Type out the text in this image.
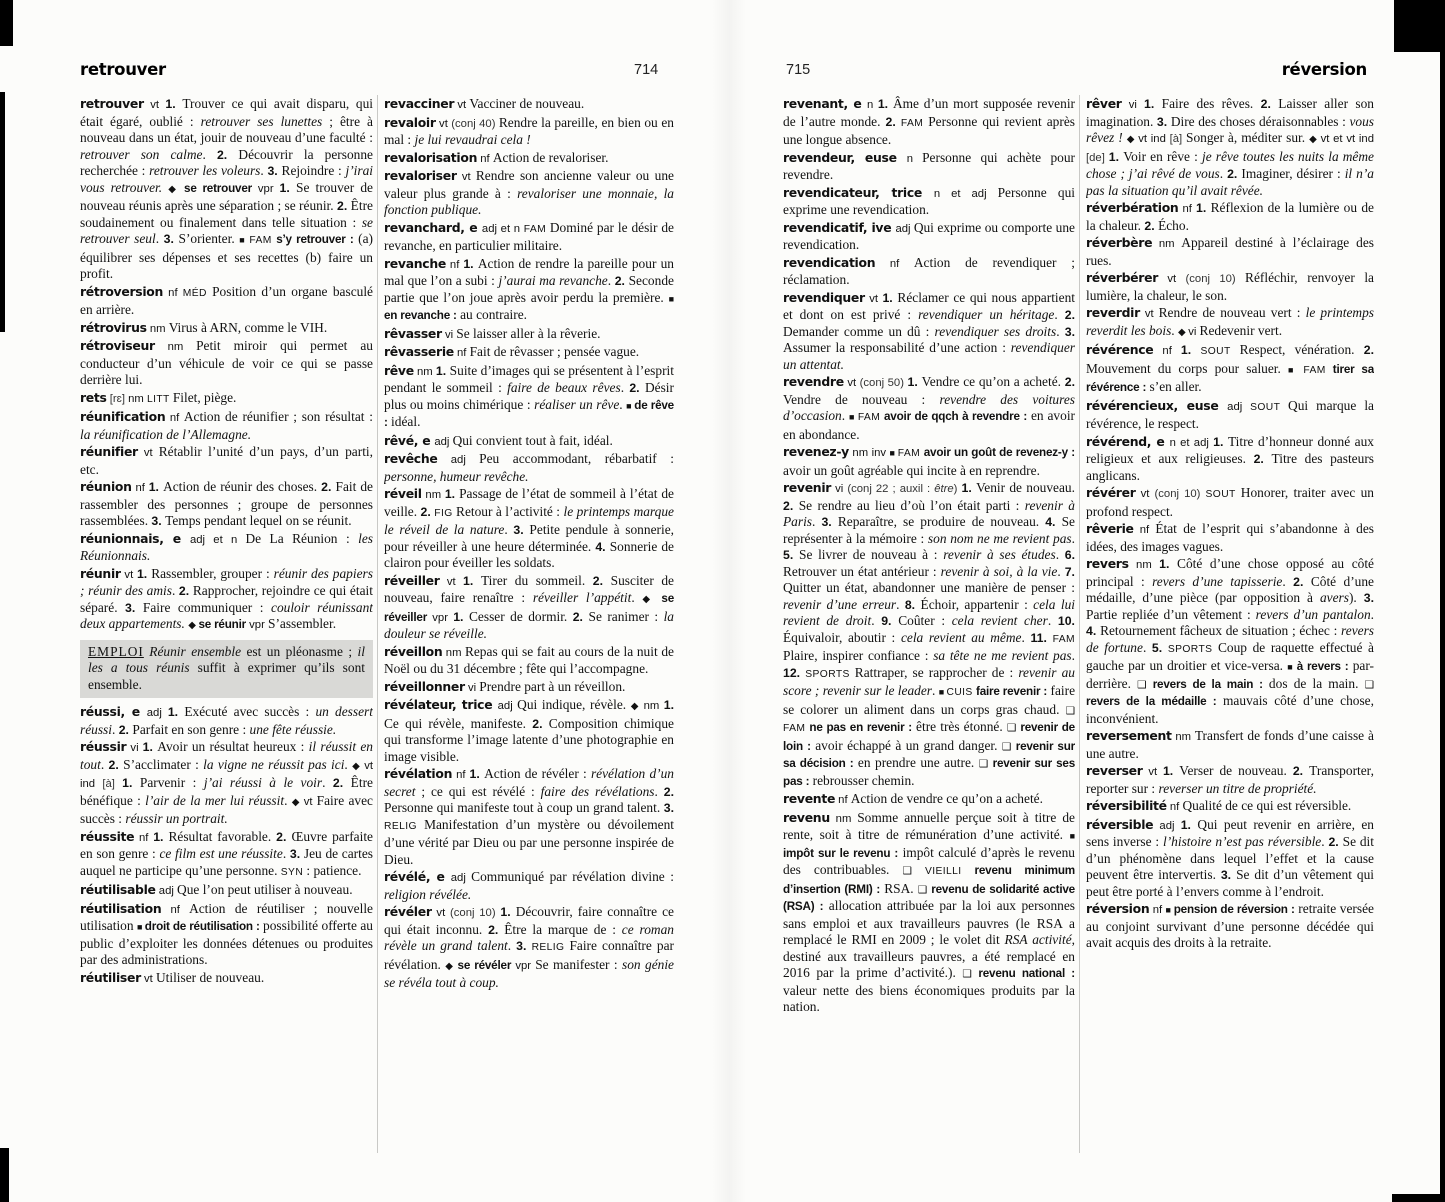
retrouver	714	715	réversion
retrouver vt 1. Trouver ce qui avait disparu, qui était égaré, oublié : retrouver ses lunettes ; être à nouveau dans un état, jouir de nouveau d’une faculté : retrouver son calme. 2. Découvrir la personne recherchée : retrouver les voleurs. 3. Rejoindre : j’irai vous retrouver. ◆ se retrouver vpr 1. Se trouver de nouveau réunis après une séparation ; se réunir. 2. Être soudainement ou finalement dans telle situation : se retrouver seul. 3. S’orienter. ■ FAM s’y retrouver : (a) équilibrer ses dépenses et ses recettes (b) faire un profit.
rétroversion nf MÉD Position d’un organe basculé en arrière.
rétrovirus nm Virus à ARN, comme le VIH.
rétroviseur nm Petit miroir qui permet au conducteur d’un véhicule de voir ce qui se passe derrière lui.
rets [rɛ] nm LITT Filet, piège.
réunification nf Action de réunifier ; son résultat : la réunification de l’Allemagne.
réunifier vt Rétablir l’unité d’un pays, d’un parti, etc.
réunion nf 1. Action de réunir des choses. 2. Fait de rassembler des personnes ; groupe de personnes rassemblées. 3. Temps pendant lequel on se réunit.
réunionnais, e adj et n De La Réunion : les Réunionnais.
réunir vt 1. Rassembler, grouper : réunir des papiers ; réunir des amis. 2. Rapprocher, rejoindre ce qui était séparé. 3. Faire communiquer : couloir réunissant deux appartements. ◆ se réunir vpr S’assembler.
EMPLOI Réunir ensemble est un pléonasme ; il les a tous réunis suffit à exprimer qu’ils sont ensemble.
réussi, e adj 1. Exécuté avec succès : un dessert réussi. 2. Parfait en son genre : une fête réussie.
réussir vi 1. Avoir un résultat heureux : il réussit en tout. 2. S’acclimater : la vigne ne réussit pas ici. ◆ vt ind [à] 1. Parvenir : j’ai réussi à le voir. 2. Être bénéfique : l’air de la mer lui réussit. ◆ vt Faire avec succès : réussir un portrait.
réussite nf 1. Résultat favorable. 2. Œuvre parfaite en son genre : ce film est une réussite. 3. Jeu de cartes auquel ne participe qu’une personne. SYN : patience.
réutilisable adj Que l’on peut utiliser à nouveau.
réutilisation nf Action de réutiliser ; nouvelle utilisation ■ droit de réutilisation : possibilité offerte au public d’exploiter les données détenues ou produites par des administrations.
réutiliser vt Utiliser de nouveau.
revacciner vt Vacciner de nouveau.
revaloir vt (conj 40) Rendre la pareille, en bien ou en mal : je lui revaudrai cela !
revalorisation nf Action de revaloriser.
revaloriser vt Rendre son ancienne valeur ou une valeur plus grande à : revaloriser une monnaie, la fonction publique.
revanchard, e adj et n FAM Dominé par le désir de revanche, en particulier militaire.
revanche nf 1. Action de rendre la pareille pour un mal que l’on a subi : j’aurai ma revanche. 2. Seconde partie que l’on joue après avoir perdu la première. ■ en revanche : au contraire.
rêvasser vi Se laisser aller à la rêverie.
rêvasserie nf Fait de rêvasser ; pensée vague.
rêve nm 1. Suite d’images qui se présentent à l’esprit pendant le sommeil : faire de beaux rêves. 2. Désir plus ou moins chimérique : réaliser un rêve. ■ de rêve : idéal.
rêvé, e adj Qui convient tout à fait, idéal.
revêche adj Peu accommodant, rébarbatif : personne, humeur revêche.
réveil nm 1. Passage de l’état de sommeil à l’état de veille. 2. FIG Retour à l’activité : le printemps marque le réveil de la nature. 3. Petite pendule à sonnerie, pour réveiller à une heure déterminée. 4. Sonnerie de clairon pour éveiller les soldats.
réveiller vt 1. Tirer du sommeil. 2. Susciter de nouveau, faire renaître : réveiller l’appétit. ◆ se réveiller vpr 1. Cesser de dormir. 2. Se ranimer : la douleur se réveille.
réveillon nm Repas qui se fait au cours de la nuit de Noël ou du 31 décembre ; fête qui l’accompagne.
réveillonner vi Prendre part à un réveillon.
révélateur, trice adj Qui indique, révèle. ◆ nm 1. Ce qui révèle, manifeste. 2. Composition chimique qui transforme l’image latente d’une photographie en image visible.
révélation nf 1. Action de révéler : révélation d’un secret ; ce qui est révélé : faire des révélations. 2. Personne qui manifeste tout à coup un grand talent. 3. RELIG Manifestation d’un mystère ou dévoilement d’une vérité par Dieu ou par une personne inspirée de Dieu.
révélé, e adj Communiqué par révélation divine : religion révélée.
révéler vt (conj 10) 1. Découvrir, faire connaître ce qui était inconnu. 2. Être la marque de : ce roman révèle un grand talent. 3. RELIG Faire connaître par révélation. ◆ se révéler vpr Se manifester : son génie se révéla tout à coup.
revenant, e n 1. Âme d’un mort supposée revenir de l’autre monde. 2. FAM Personne qui revient après une longue absence.
revendeur, euse n Personne qui achète pour revendre.
revendicateur, trice n et adj Personne qui exprime une revendication.
revendicatif, ive adj Qui exprime ou comporte une revendication.
revendication nf Action de revendiquer ; réclamation.
revendiquer vt 1. Réclamer ce qui nous appartient et dont on est privé : revendiquer un héritage. 2. Demander comme un dû : revendiquer ses droits. 3. Assumer la responsabilité d’une action : revendiquer un attentat.
revendre vt (conj 50) 1. Vendre ce qu’on a acheté. 2. Vendre de nouveau : revendre des voitures d’occasion. ■ FAM avoir de qqch à revendre : en avoir en abondance.
revenez-y nm inv ■ FAM avoir un goût de revenez-y : avoir un goût agréable qui incite à en reprendre.
revenir vi (conj 22 ; auxil : être) 1. Venir de nouveau. 2. Se rendre au lieu d’où l’on était parti : revenir à Paris. 3. Reparaître, se produire de nouveau. 4. Se représenter à la mémoire : son nom ne me revient pas. 5. Se livrer de nouveau à : revenir à ses études. 6. Retrouver un état antérieur : revenir à soi, à la vie. 7. Quitter un état, abandonner une manière de penser : revenir d’une erreur. 8. Échoir, appartenir : cela lui revient de droit. 9. Coûter : cela revient cher. 10. Équivaloir, aboutir : cela revient au même. 11. FAM Plaire, inspirer confiance : sa tête ne me revient pas. 12. SPORTS Rattraper, se rapprocher de : revenir au score ; revenir sur le leader. ■ CUIS faire revenir : faire se colorer un aliment dans un corps gras chaud. ❑ FAM ne pas en revenir : être très étonné. ❑ revenir de loin : avoir échappé à un grand danger. ❑ revenir sur sa décision : en prendre une autre. ❑ revenir sur ses pas : rebrousser chemin.
revente nf Action de vendre ce qu’on a acheté.
revenu nm Somme annuelle perçue soit à titre de rente, soit à titre de rémunération d’une activité. ■ impôt sur le revenu : impôt calculé d’après le revenu des contribuables. ❑ VIEILLI revenu minimum d’insertion (RMI) : RSA. ❑ revenu de solidarité active (RSA) : allocation attribuée par la loi aux personnes sans emploi et aux travailleurs pauvres (le RSA a remplacé le RMI en 2009 ; le volet dit RSA activité, destiné aux travailleurs pauvres, a été remplacé en 2016 par la prime d’activité.). ❑ revenu national : valeur nette des biens économiques produits par la nation.
rêver vi 1. Faire des rêves. 2. Laisser aller son imagination. 3. Dire des choses déraisonnables : vous rêvez ! ◆ vt ind [à] Songer à, méditer sur. ◆ vt et vt ind [de] 1. Voir en rêve : je rêve toutes les nuits la même chose ; j’ai rêvé de vous. 2. Imaginer, désirer : il n’a pas la situation qu’il avait rêvée.
réverbération nf 1. Réflexion de la lumière ou de la chaleur. 2. Écho.
réverbère nm Appareil destiné à l’éclairage des rues.
réverbérer vt (conj 10) Réfléchir, renvoyer la lumière, la chaleur, le son.
reverdir vt Rendre de nouveau vert : le printemps reverdit les bois. ◆ vi Redevenir vert.
révérence nf 1. SOUT Respect, vénération. 2. Mouvement du corps pour saluer. ■ FAM tirer sa révérence : s’en aller.
révérencieux, euse adj SOUT Qui marque la révérence, le respect.
révérend, e n et adj 1. Titre d’honneur donné aux religieux et aux religieuses. 2. Titre des pasteurs anglicans.
révérer vt (conj 10) SOUT Honorer, traiter avec un profond respect.
rêverie nf État de l’esprit qui s’abandonne à des idées, des images vagues.
revers nm 1. Côté d’une chose opposé au côté principal : revers d’une tapisserie. 2. Côté d’une médaille, d’une pièce (par opposition à avers). 3. Partie repliée d’un vêtement : revers d’un pantalon. 4. Retournement fâcheux de situation ; échec : revers de fortune. 5. SPORTS Coup de raquette effectué à gauche par un droitier et vice-versa. ■ à revers : par-derrière. ❑ revers de la main : dos de la main. ❑ revers de la médaille : mauvais côté d’une chose, inconvénient.
reversement nm Transfert de fonds d’une caisse à une autre.
reverser vt 1. Verser de nouveau. 2. Transporter, reporter sur : reverser un titre de propriété.
réversibilité nf Qualité de ce qui est réversible.
réversible adj 1. Qui peut revenir en arrière, en sens inverse : l’histoire n’est pas réversible. 2. Se dit d’un phénomène dans lequel l’effet et la cause peuvent être intervertis. 3. Se dit d’un vêtement qui peut être porté à l’envers comme à l’endroit.
réversion nf ■ pension de réversion : retraite versée au conjoint survivant d’une personne décédée qui avait acquis des droits à la retraite.
